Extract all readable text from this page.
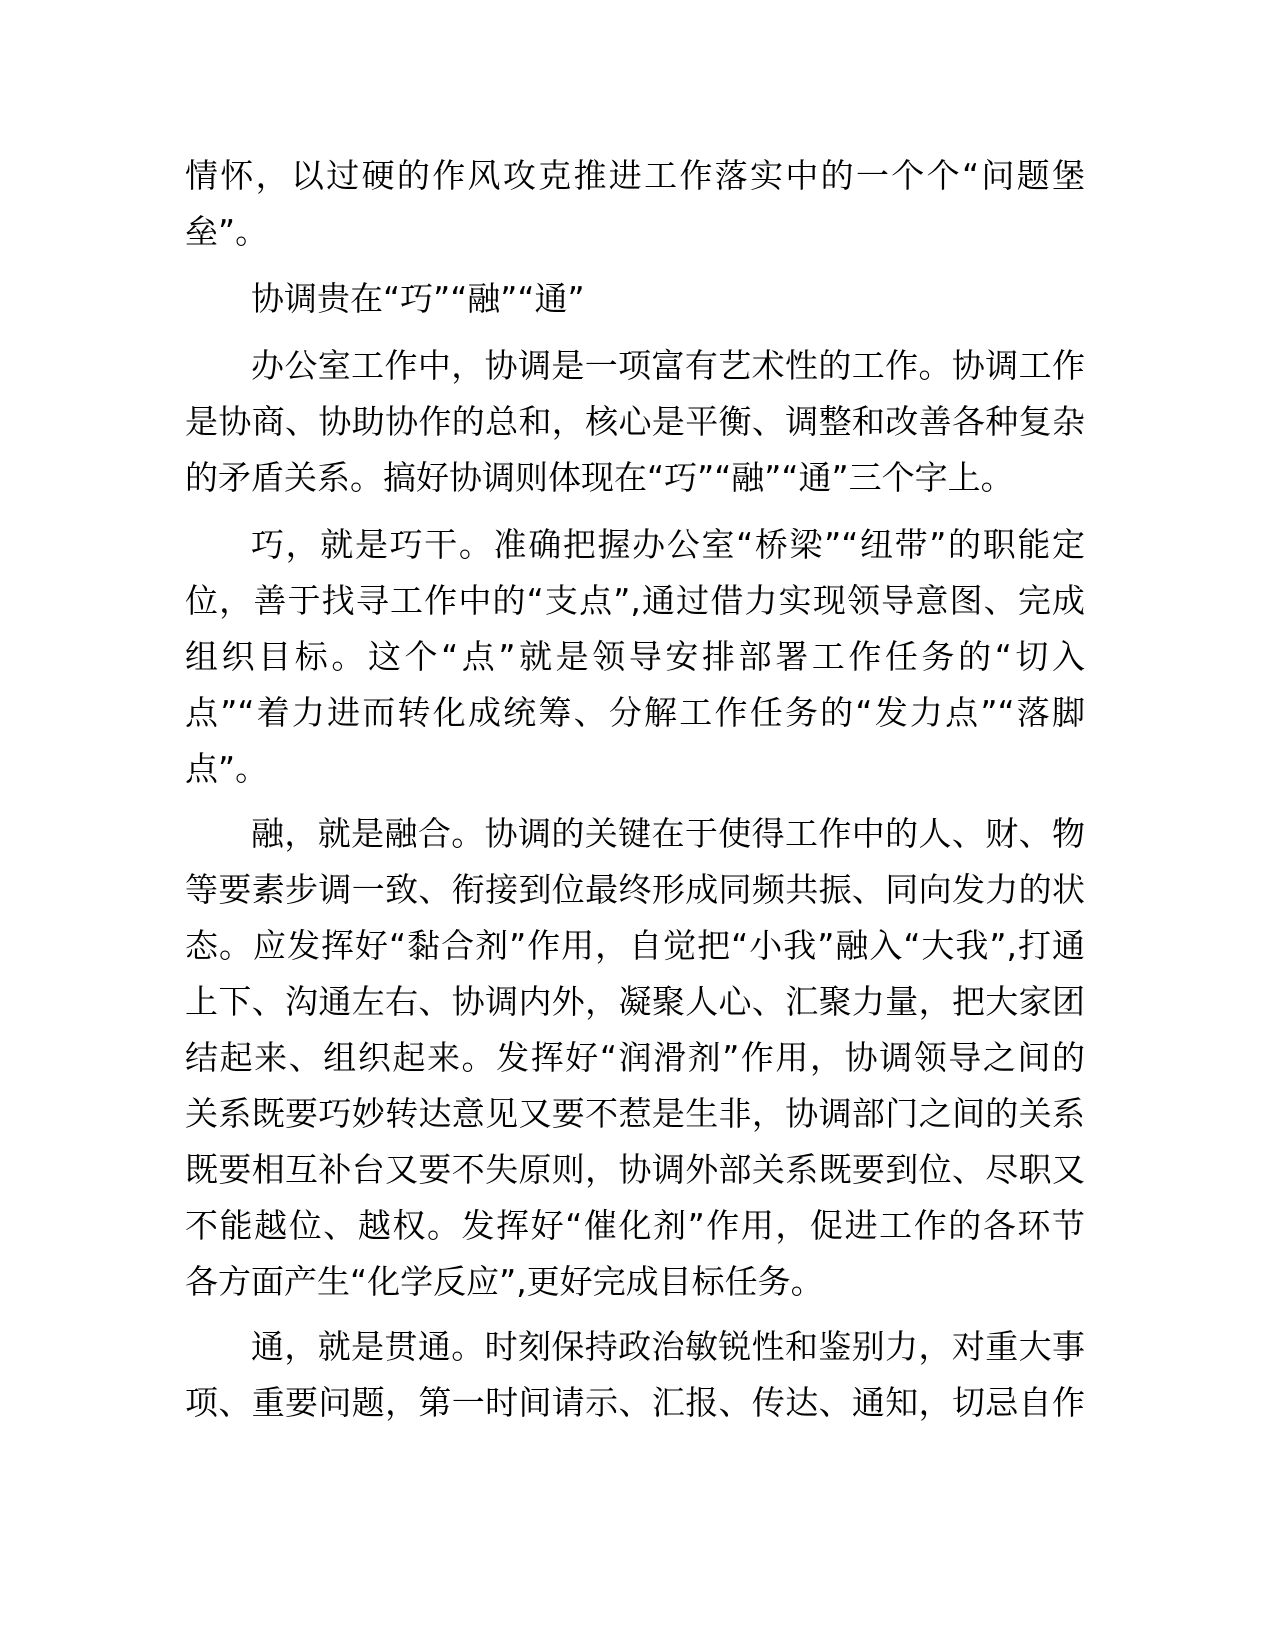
情怀，以过硬的作风攻克推进工作落实中的一个个“问题堡
垒”。
协调贵在“巧”“融”“通”
办公室工作中，协调是一项富有艺术性的工作。协调工作
是协商、协助协作的总和，核心是平衡、调整和改善各种复杂
的矛盾关系。搞好协调则体现在“巧”“融”“通”三个字上。
巧，就是巧干。准确把握办公室“桥梁”“纽带”的职能定
位，善于找寻工作中的“支点”,通过借力实现领导意图、完成
组织目标。这个“点”就是领导安排部署工作任务的“切入
点”“着力进而转化成统筹、分解工作任务的“发力点”“落脚
点”。
融，就是融合。协调的关键在于使得工作中的人、财、物
等要素步调一致、衔接到位最终形成同频共振、同向发力的状
态。应发挥好“黏合剂”作用，自觉把“小我”融入“大我”,打通
上下、沟通左右、协调内外，凝聚人心、汇聚力量，把大家团
结起来、组织起来。发挥好“润滑剂”作用，协调领导之间的
关系既要巧妙转达意见又要不惹是生非，协调部门之间的关系
既要相互补台又要不失原则，协调外部关系既要到位、尽职又
不能越位、越权。发挥好“催化剂”作用，促进工作的各环节
各方面产生“化学反应”,更好完成目标任务。
通，就是贯通。时刻保持政治敏锐性和鉴别力，对重大事
项、重要问题，第一时间请示、汇报、传达、通知，切忌自作
